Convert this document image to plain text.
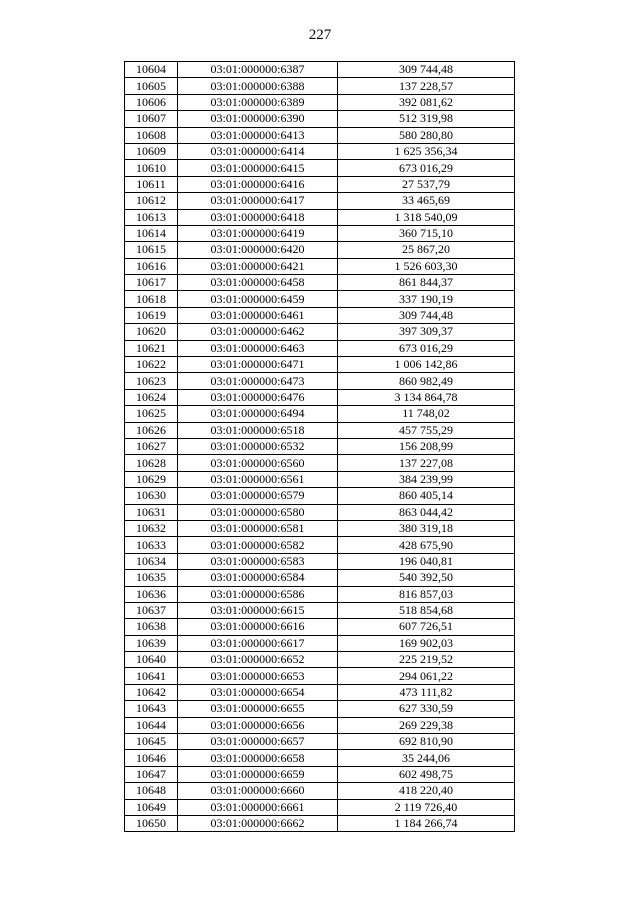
227
10604	03:01:000000:6387	309 744,48
10605	03:01:000000:6388	137 228,57
10606	03:01:000000:6389	392 081,62
10607	03:01:000000:6390	512 319,98
10608	03:01:000000:6413	580 280,80
10609	03:01:000000:6414	1 625 356,34
10610	03:01:000000:6415	673 016,29
10611	03:01:000000:6416	27 537,79
10612	03:01:000000:6417	33 465,69
10613	03:01:000000:6418	1 318 540,09
10614	03:01:000000:6419	360 715,10
10615	03:01:000000:6420	25 867,20
10616	03:01:000000:6421	1 526 603,30
10617	03:01:000000:6458	861 844,37
10618	03:01:000000:6459	337 190,19
10619	03:01:000000:6461	309 744,48
10620	03:01:000000:6462	397 309,37
10621	03:01:000000:6463	673 016,29
10622	03:01:000000:6471	1 006 142,86
10623	03:01:000000:6473	860 982,49
10624	03:01:000000:6476	3 134 864,78
10625	03:01:000000:6494	11 748,02
10626	03:01:000000:6518	457 755,29
10627	03:01:000000:6532	156 208,99
10628	03:01:000000:6560	137 227,08
10629	03:01:000000:6561	384 239,99
10630	03:01:000000:6579	860 405,14
10631	03:01:000000:6580	863 044,42
10632	03:01:000000:6581	380 319,18
10633	03:01:000000:6582	428 675,90
10634	03:01:000000:6583	196 040,81
10635	03:01:000000:6584	540 392,50
10636	03:01:000000:6586	816 857,03
10637	03:01:000000:6615	518 854,68
10638	03:01:000000:6616	607 726,51
10639	03:01:000000:6617	169 902,03
10640	03:01:000000:6652	225 219,52
10641	03:01:000000:6653	294 061,22
10642	03:01:000000:6654	473 111,82
10643	03:01:000000:6655	627 330,59
10644	03:01:000000:6656	269 229,38
10645	03:01:000000:6657	692 810,90
10646	03:01:000000:6658	35 244,06
10647	03:01:000000:6659	602 498,75
10648	03:01:000000:6660	418 220,40
10649	03:01:000000:6661	2 119 726,40
10650	03:01:000000:6662	1 184 266,74
